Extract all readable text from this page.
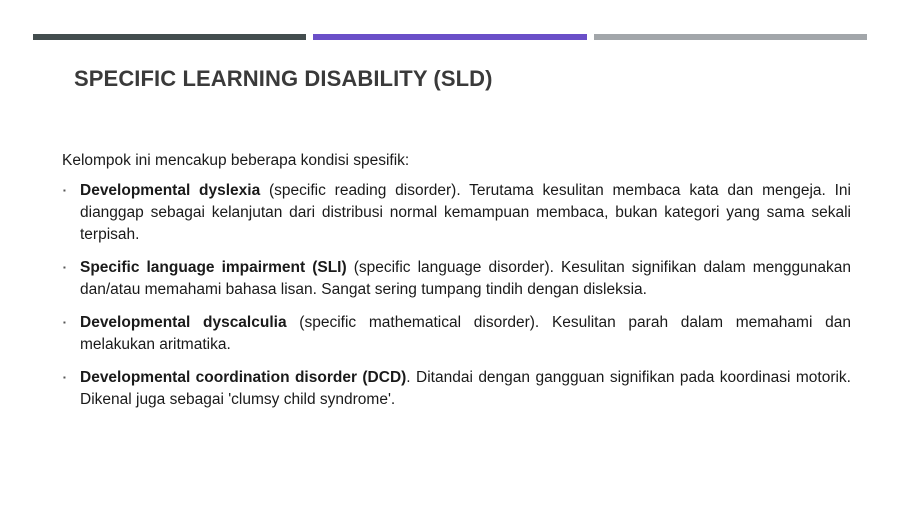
SPECIFIC LEARNING DISABILITY (SLD)

Kelompok ini mencakup beberapa kondisi spesifik:

▪ Developmental dyslexia (specific reading disorder). Terutama kesulitan membaca kata dan mengeja. Ini dianggap sebagai kelanjutan dari distribusi normal kemampuan membaca, bukan kategori yang sama sekali terpisah.
▪ Specific language impairment (SLI) (specific language disorder). Kesulitan signifikan dalam menggunakan dan/atau memahami bahasa lisan. Sangat sering tumpang tindih dengan disleksia.
▪ Developmental dyscalculia (specific mathematical disorder). Kesulitan parah dalam memahami dan melakukan aritmatika.
▪ Developmental coordination disorder (DCD). Ditandai dengan gangguan signifikan pada koordinasi motorik. Dikenal juga sebagai 'clumsy child syndrome'.
